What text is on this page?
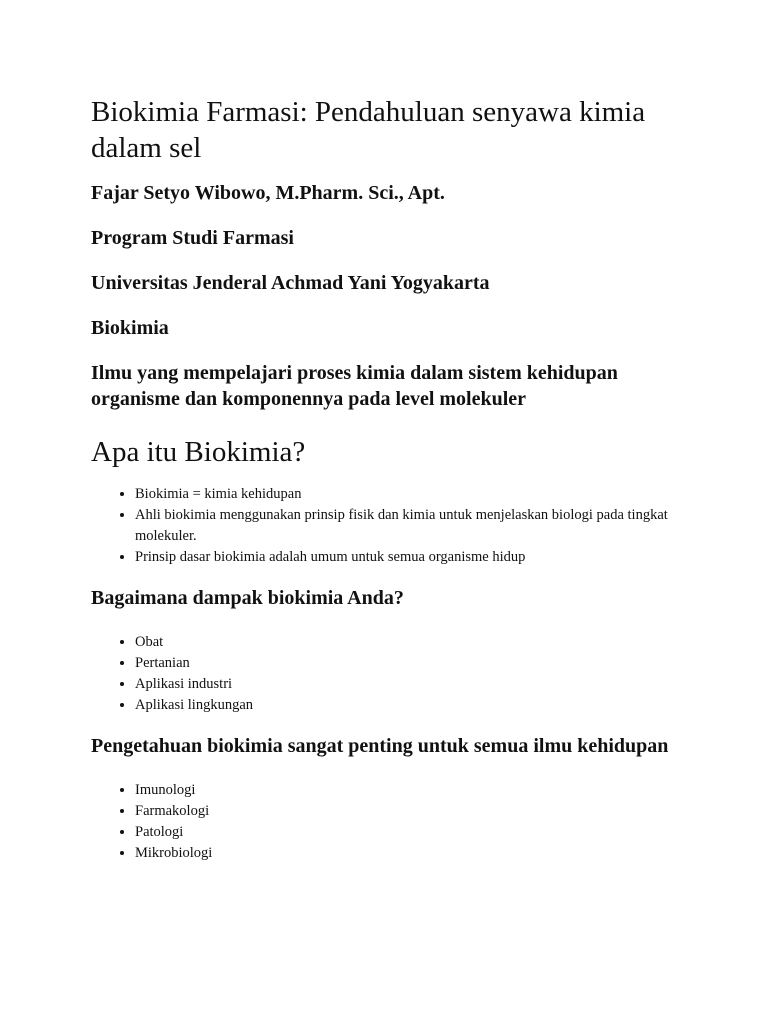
Biokimia Farmasi: Pendahuluan senyawa kimia dalam sel

Fajar Setyo Wibowo, M.Pharm. Sci., Apt.

Program Studi Farmasi

Universitas Jenderal Achmad Yani Yogyakarta

Biokimia

Ilmu yang mempelajari proses kimia dalam sistem kehidupan organisme dan komponennya pada level molekuler

Apa itu Biokimia?
• Biokimia = kimia kehidupan
• Ahli biokimia menggunakan prinsip fisik dan kimia untuk menjelaskan biologi pada tingkat molekuler.
• Prinsip dasar biokimia adalah umum untuk semua organisme hidup
Bagaimana dampak biokimia Anda?
• Obat
• Pertanian
• Aplikasi industri
• Aplikasi lingkungan
Pengetahuan biokimia sangat penting untuk semua ilmu kehidupan
• Imunologi
• Farmakologi
• Patologi
• Mikrobiologi
